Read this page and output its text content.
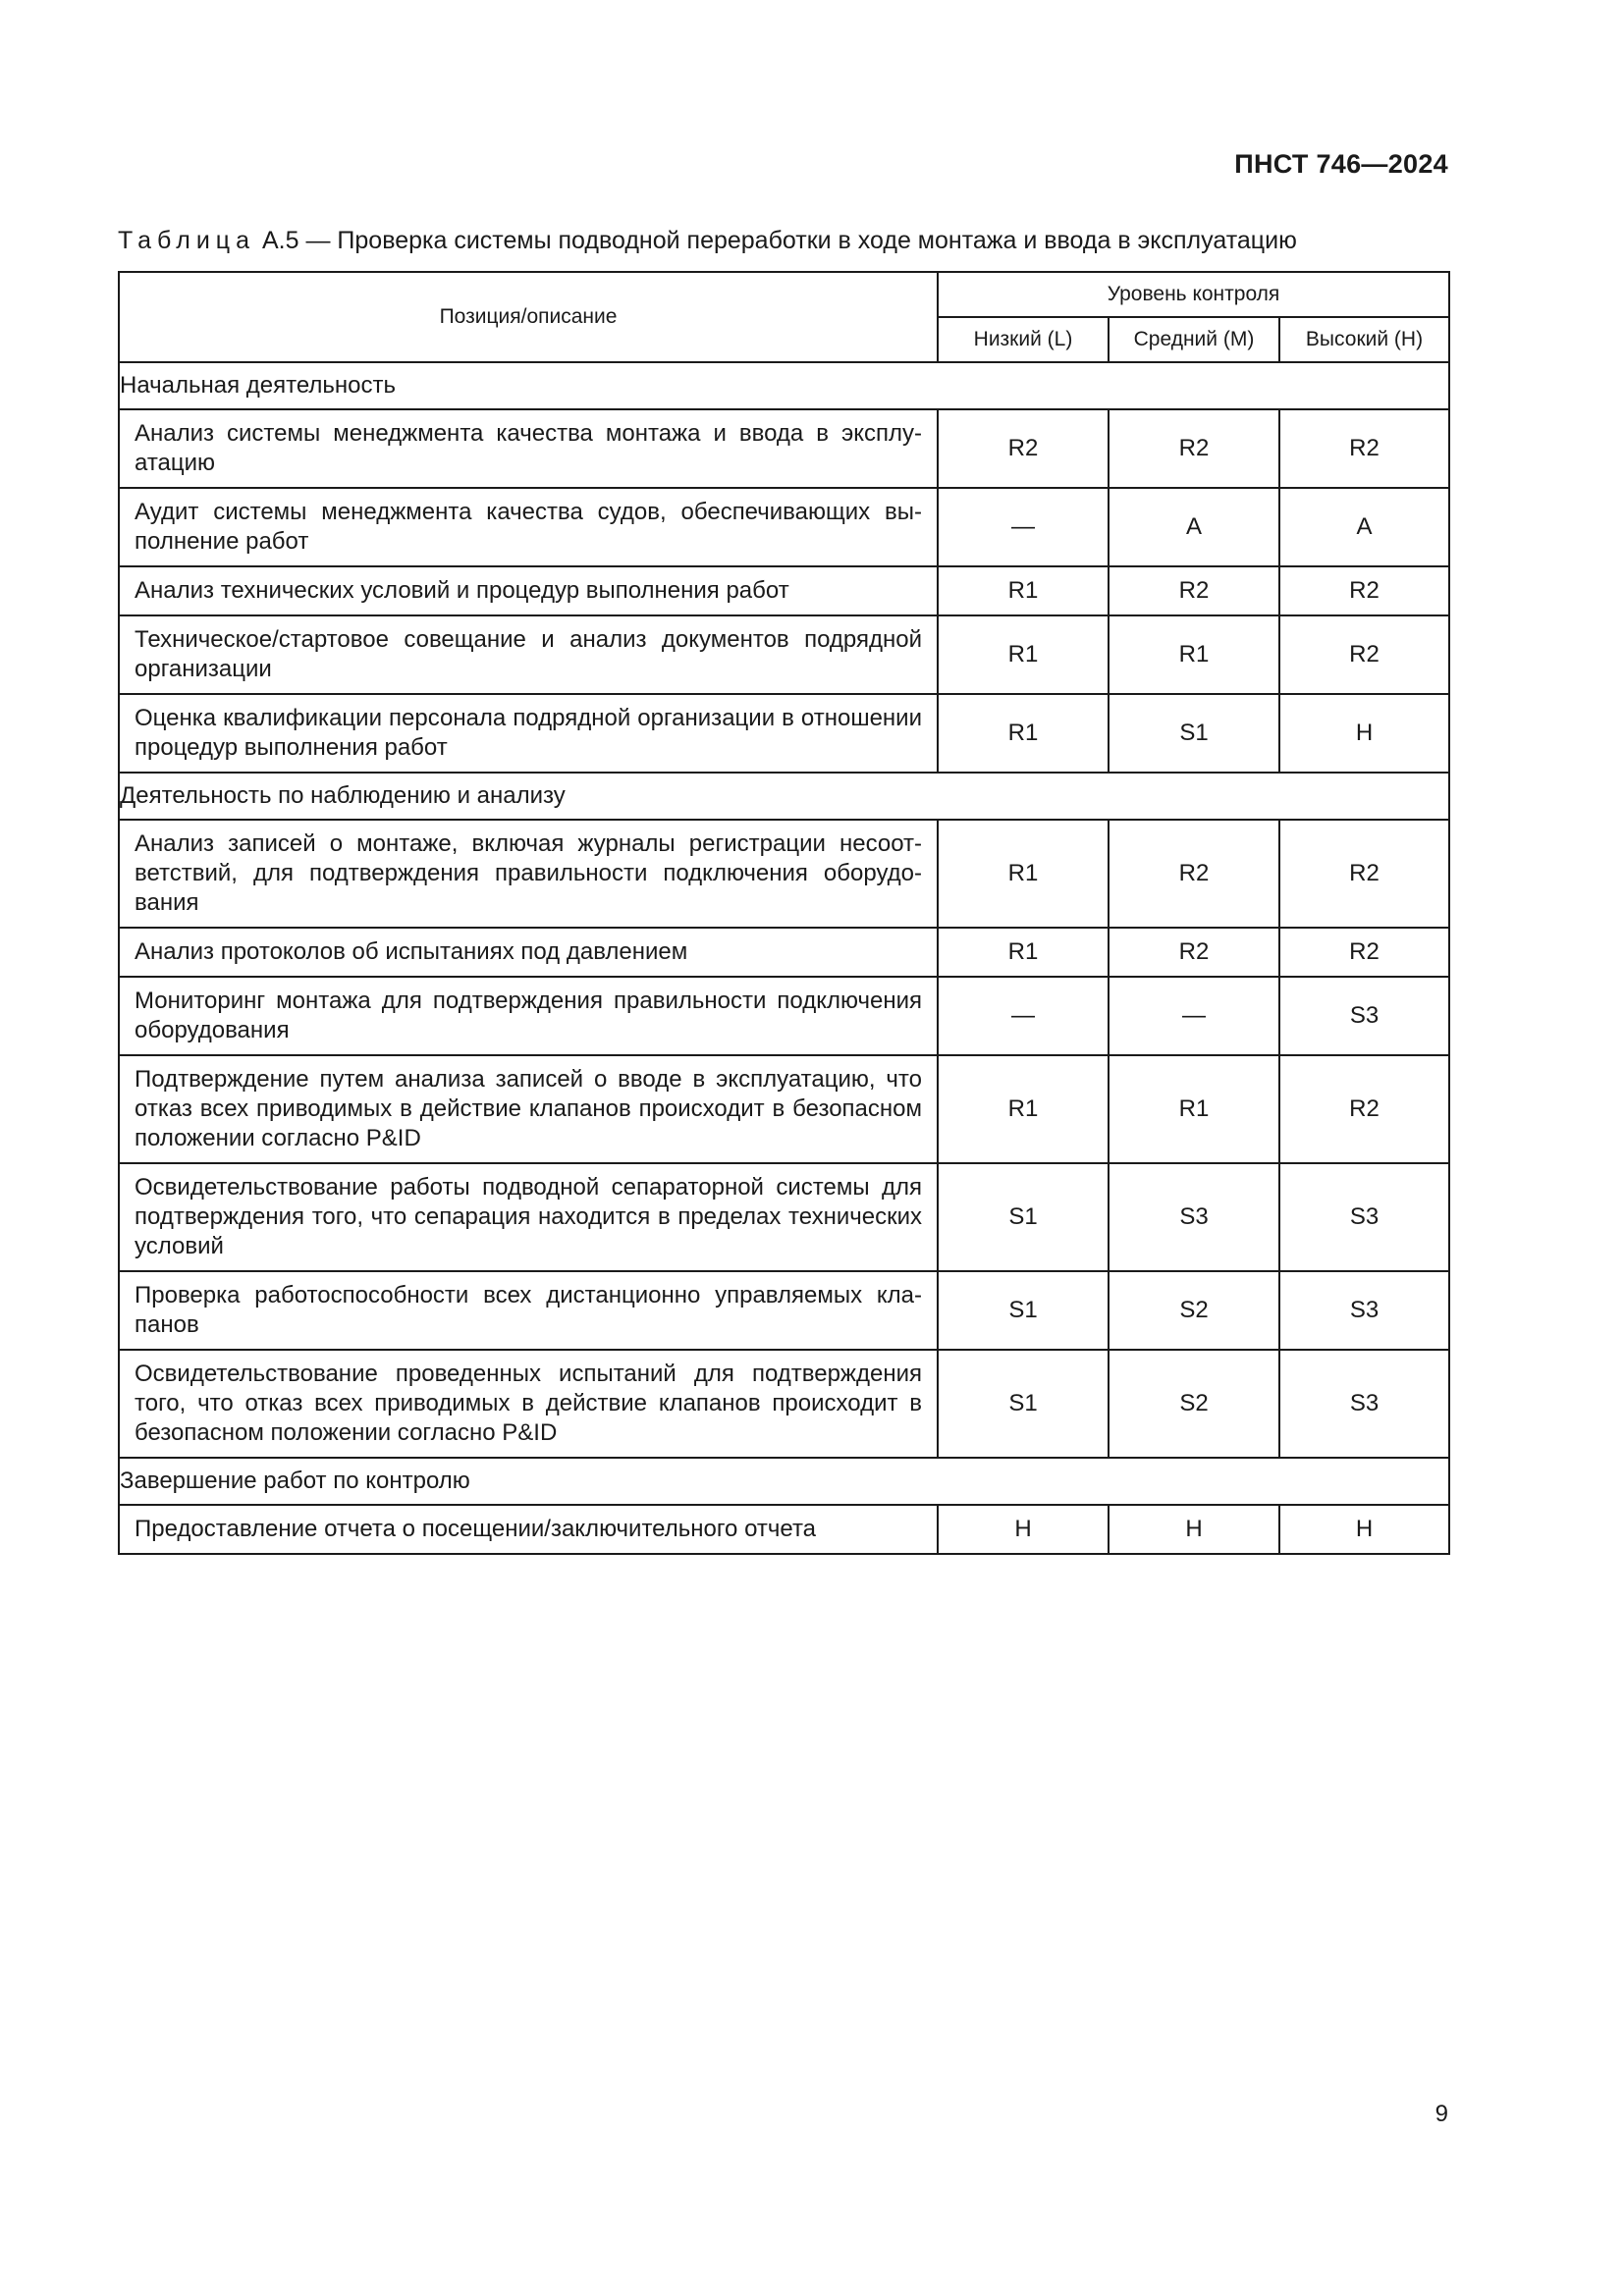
ПНСТ 746—2024
Таблица А.5 — Проверка системы подводной переработки в ходе монтажа и ввода в эксплуатацию
Позиция/описание	Уровень контроля		
	Низкий (L)	Средний (М)	Высокий (Н)
Начальная деятельность			
Анализ системы менеджмента качества монтажа и ввода в эксплуатацию	R2	R2	R2
Аудит системы менеджмента качества судов, обеспечивающих выполнение работ	—	A	A
Анализ технических условий и процедур выполнения работ	R1	R2	R2
Техническое/стартовое совещание и анализ документов подрядной организации	R1	R1	R2
Оценка квалификации персонала подрядной организации в отношении процедур выполнения работ	R1	S1	H
Деятельность по наблюдению и анализу			
Анализ записей о монтаже, включая журналы регистрации несоответствий, для подтверждения правильности подключения оборудования	R1	R2	R2
Анализ протоколов об испытаниях под давлением	R1	R2	R2
Мониторинг монтажа для подтверждения правильности подключения оборудования	—	—	S3
Подтверждение путем анализа записей о вводе в эксплуатацию, что отказ всех приводимых в действие клапанов происходит в безопасном положении согласно P&ID	R1	R1	R2
Освидетельствование работы подводной сепараторной системы для подтверждения того, что сепарация находится в пределах технических условий	S1	S3	S3
Проверка работоспособности всех дистанционно управляемых клапанов	S1	S2	S3
Освидетельствование проведенных испытаний для подтверждения того, что отказ всех приводимых в действие клапанов происходит в безопасном положении согласно P&ID	S1	S2	S3
Завершение работ по контролю			
Предоставление отчета о посещении/заключительного отчета	H	H	H
9
